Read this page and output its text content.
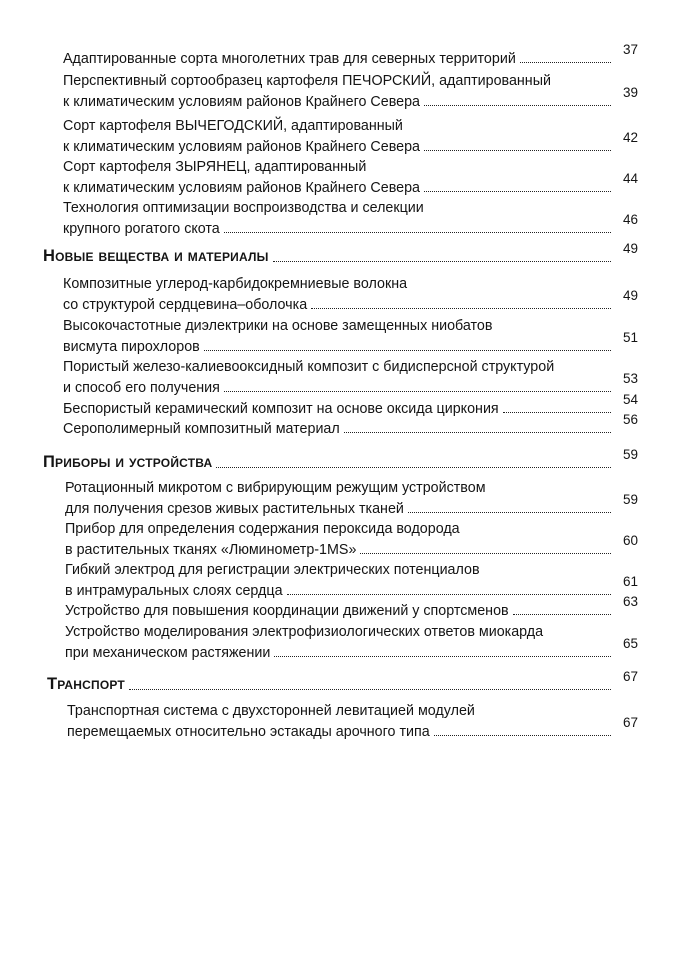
Адаптированные сорта многолетних трав для северных территорий
37
Перспективный сортообразец картофеля ПЕЧОРСКИЙ, адаптированный
к климатическим условиям районов Крайнего Севера
39
Сорт картофеля ВЫЧЕГОДСКИЙ, адаптированный
к климатическим условиям районов Крайнего Севера
42
Сорт картофеля ЗЫРЯНЕЦ, адаптированный
к климатическим условиям районов Крайнего Севера
44
Технология оптимизации воспроизводства и селекции
крупного рогатого скота
46
Новые вещества и материалы	49
Композитные углерод-карбидокремниевые волокна
со структурой сердцевина–оболочка
49
Высокочастотные диэлектрики на основе замещенных ниобатов
висмута пирохлоров
51
Пористый железо-калиевооксидный композит с бидисперсной структурой
и способ его получения
53
Беспористый керамический композит на основе оксида циркония
54
Серополимерный композитный материал
56
Приборы и устройства	59
Ротационный микротом с вибрирующим режущим устройством
для получения срезов живых растительных тканей
59
Прибор для определения содержания пероксида водорода
в растительных тканях «Люминометр-1MS»
60
Гибкий электрод для регистрации электрических потенциалов
в интрамуральных слоях сердца
61
Устройство для повышения координации движений у спортсменов
63
Устройство моделирования электрофизиологических ответов миокарда
при механическом растяжении
65
Транспорт	67
Транспортная система с двухсторонней левитацией модулей
перемещаемых относительно эстакады арочного типа
67
